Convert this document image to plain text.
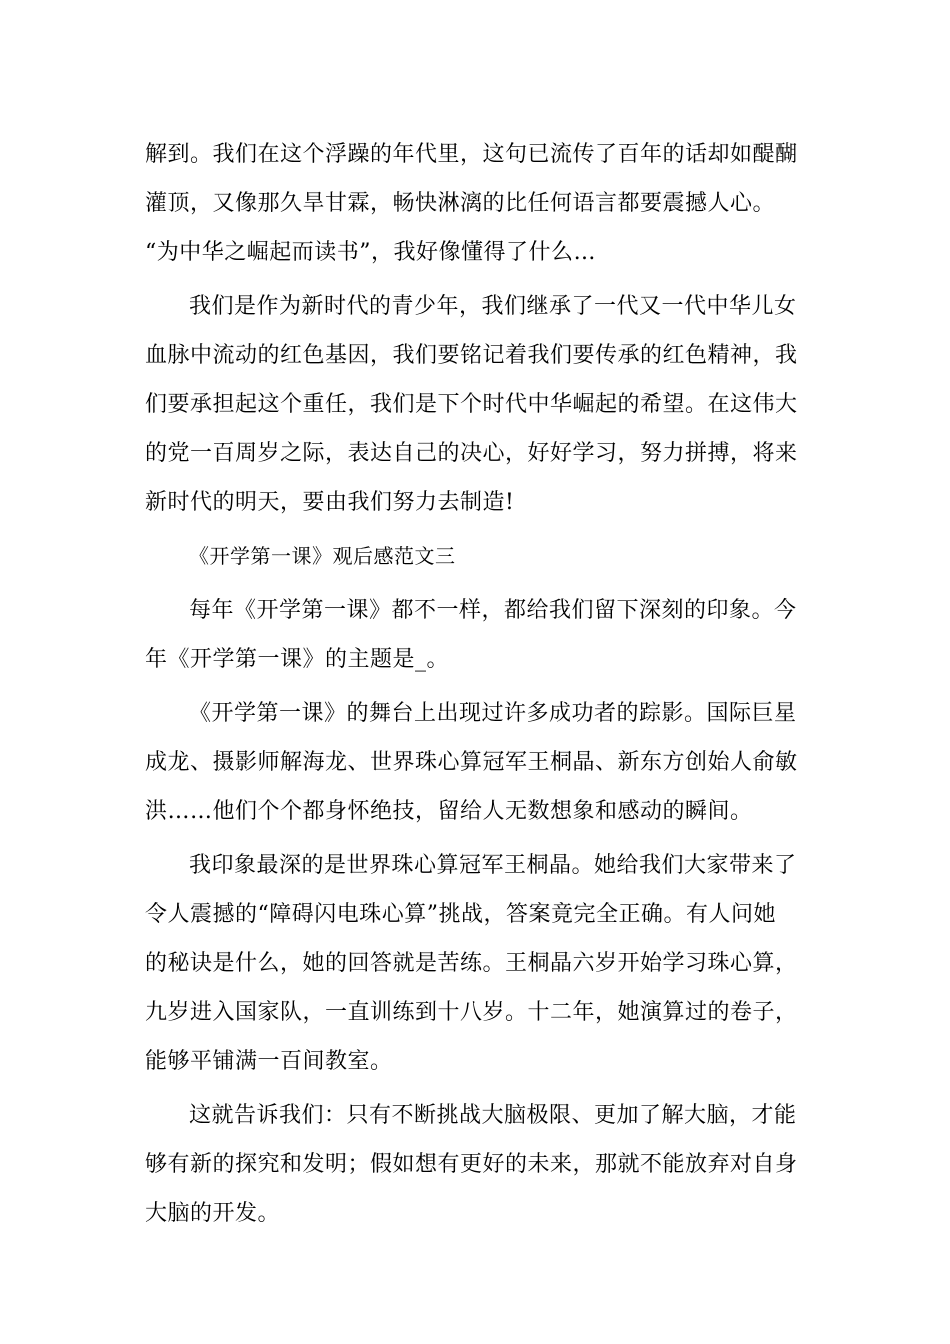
解到。我们在这个浮躁的年代里，这句已流传了百年的话却如醍醐
灌顶，又像那久旱甘霖，畅快淋漓的比任何语言都要震撼人心。
“为中华之崛起而读书”，我好像懂得了什么…
我们是作为新时代的青少年，我们继承了一代又一代中华儿女
血脉中流动的红色基因，我们要铭记着我们要传承的红色精神，我
们要承担起这个重任，我们是下个时代中华崛起的希望。在这伟大
的党一百周岁之际，表达自己的决心，好好学习，努力拼搏，将来
新时代的明天，要由我们努力去制造!
《开学第一课》观后感范文三
每年《开学第一课》都不一样，都给我们留下深刻的印象。今
年《开学第一课》的主题是_。
《开学第一课》的舞台上出现过许多成功者的踪影。国际巨星
成龙、摄影师解海龙、世界珠心算冠军王桐晶、新东方创始人俞敏
洪……他们个个都身怀绝技，留给人无数想象和感动的瞬间。
我印象最深的是世界珠心算冠军王桐晶。她给我们大家带来了
令人震撼的“障碍闪电珠心算”挑战，答案竟完全正确。有人问她
的秘诀是什么，她的回答就是苦练。王桐晶六岁开始学习珠心算，
九岁进入国家队，一直训练到十八岁。十二年，她演算过的卷子，
能够平铺满一百间教室。
这就告诉我们：只有不断挑战大脑极限、更加了解大脑，才能
够有新的探究和发明；假如想有更好的未来，那就不能放弃对自身
大脑的开发。
